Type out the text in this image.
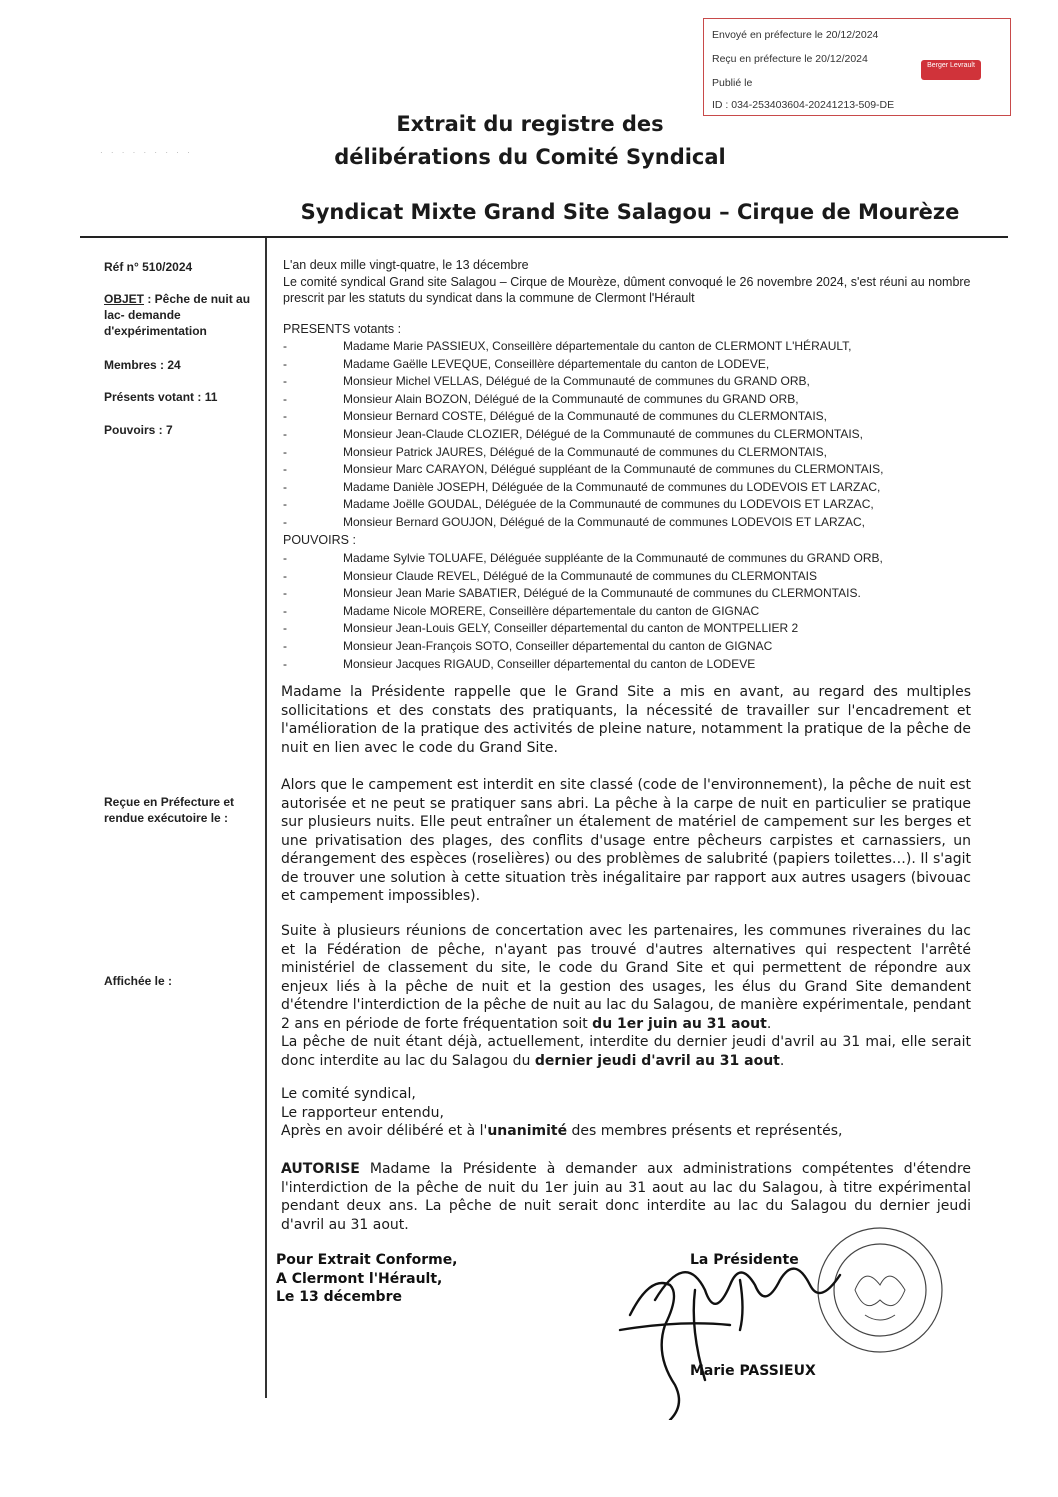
Envoyé en préfecture le 20/12/2024
Reçu en préfecture le 20/12/2024
Publié le
ID : 034-253403604-20241213-509-DE
Berger Levrault
· · · · · · · · ·
Extrait du registre des
délibérations du Comité Syndical
Syndicat Mixte Grand Site Salagou – Cirque de Mourèze
Réf n° 510/2024
OBJET : Pêche de nuit au lac- demande d'expérimentation
Membres : 24
Présents votant : 11
Pouvoirs : 7
Reçue en Préfecture et rendue exécutoire le :
Affichée le :
L'an deux mille vingt-quatre, le 13 décembre
Le comité syndical Grand site Salagou – Cirque de Mourèze, dûment convoqué le 26 novembre 2024, s'est réuni au nombre prescrit par les statuts du syndicat dans la commune de Clermont l'Hérault
PRESENTS votants :
-	Madame Marie PASSIEUX, Conseillère départementale du canton de CLERMONT L'HÉRAULT,
-	Madame Gaëlle LEVEQUE, Conseillère départementale du canton de LODEVE,
-	Monsieur Michel VELLAS, Délégué de la Communauté de communes du GRAND ORB,
-	Monsieur Alain BOZON, Délégué de la Communauté de communes du GRAND ORB,
-	Monsieur Bernard COSTE, Délégué de la Communauté de communes du CLERMONTAIS,
-	Monsieur Jean-Claude CLOZIER, Délégué de la Communauté de communes du CLERMONTAIS,
-	Monsieur Patrick JAURES, Délégué de la Communauté de communes du CLERMONTAIS,
-	Monsieur Marc CARAYON, Délégué suppléant de la Communauté de communes du CLERMONTAIS,
-	Madame Danièle JOSEPH, Déléguée de la Communauté de communes du LODEVOIS ET LARZAC,
-	Madame Joëlle GOUDAL, Déléguée de la Communauté de communes du LODEVOIS ET LARZAC,
-	Monsieur Bernard GOUJON, Délégué de la Communauté de communes LODEVOIS ET LARZAC,
POUVOIRS :
-	Madame Sylvie TOLUAFE, Déléguée suppléante de la Communauté de communes du GRAND ORB,
-	Monsieur Claude REVEL, Délégué de la Communauté de communes du CLERMONTAIS
-	Monsieur Jean Marie SABATIER, Délégué de la Communauté de communes du CLERMONTAIS.
-	Madame Nicole MORERE, Conseillère départementale du canton de GIGNAC
-	Monsieur Jean-Louis GELY, Conseiller départemental du canton de MONTPELLIER 2
-	Monsieur Jean-François SOTO, Conseiller départemental du canton de GIGNAC
-	Monsieur Jacques RIGAUD, Conseiller départemental du canton de LODEVE
Madame la Présidente rappelle que le Grand Site a mis en avant, au regard des multiples sollicitations et des constats des pratiquants, la nécessité de travailler sur l'encadrement et l'amélioration de la pratique des activités de pleine nature, notamment la pratique de la pêche de nuit en lien avec le code du Grand Site.
Alors que le campement est interdit en site classé (code de l'environnement), la pêche de nuit est autorisée et ne peut se pratiquer sans abri. La pêche à la carpe de nuit en particulier se pratique sur plusieurs nuits. Elle peut entraîner un étalement de matériel de campement sur les berges et une privatisation des plages, des conflits d'usage entre pêcheurs carpistes et carnassiers, un dérangement des espèces (roselières) ou des problèmes de salubrité (papiers toilettes…). Il s'agit de trouver une solution à cette situation très inégalitaire par rapport aux autres usagers (bivouac et campement impossibles).
Suite à plusieurs réunions de concertation avec les partenaires, les communes riveraines du lac et la Fédération de pêche, n'ayant pas trouvé d'autres alternatives qui respectent l'arrêté ministériel de classement du site, le code du Grand Site et qui permettent de répondre aux enjeux liés à la pêche de nuit et la gestion des usages, les élus du Grand Site demandent d'étendre l'interdiction de la pêche de nuit au lac du Salagou, de manière expérimentale, pendant 2 ans en période de forte fréquentation soit du 1er juin au 31 aout.
La pêche de nuit étant déjà, actuellement, interdite du dernier jeudi d'avril au 31 mai, elle serait donc interdite au lac du Salagou du dernier jeudi d'avril au 31 aout.
Le comité syndical,
Le rapporteur entendu,
Après en avoir délibéré et à l'unanimité des membres présents et représentés,
AUTORISE Madame la Présidente à demander aux administrations compétentes d'étendre l'interdiction de la pêche de nuit du 1er juin au 31 aout au lac du Salagou, à titre expérimental pendant deux ans. La pêche de nuit serait donc interdite au lac du Salagou du dernier jeudi d'avril au 31 aout.
Pour Extrait Conforme,
A Clermont l'Hérault,
Le 13 décembre
La Présidente
Marie PASSIEUX
